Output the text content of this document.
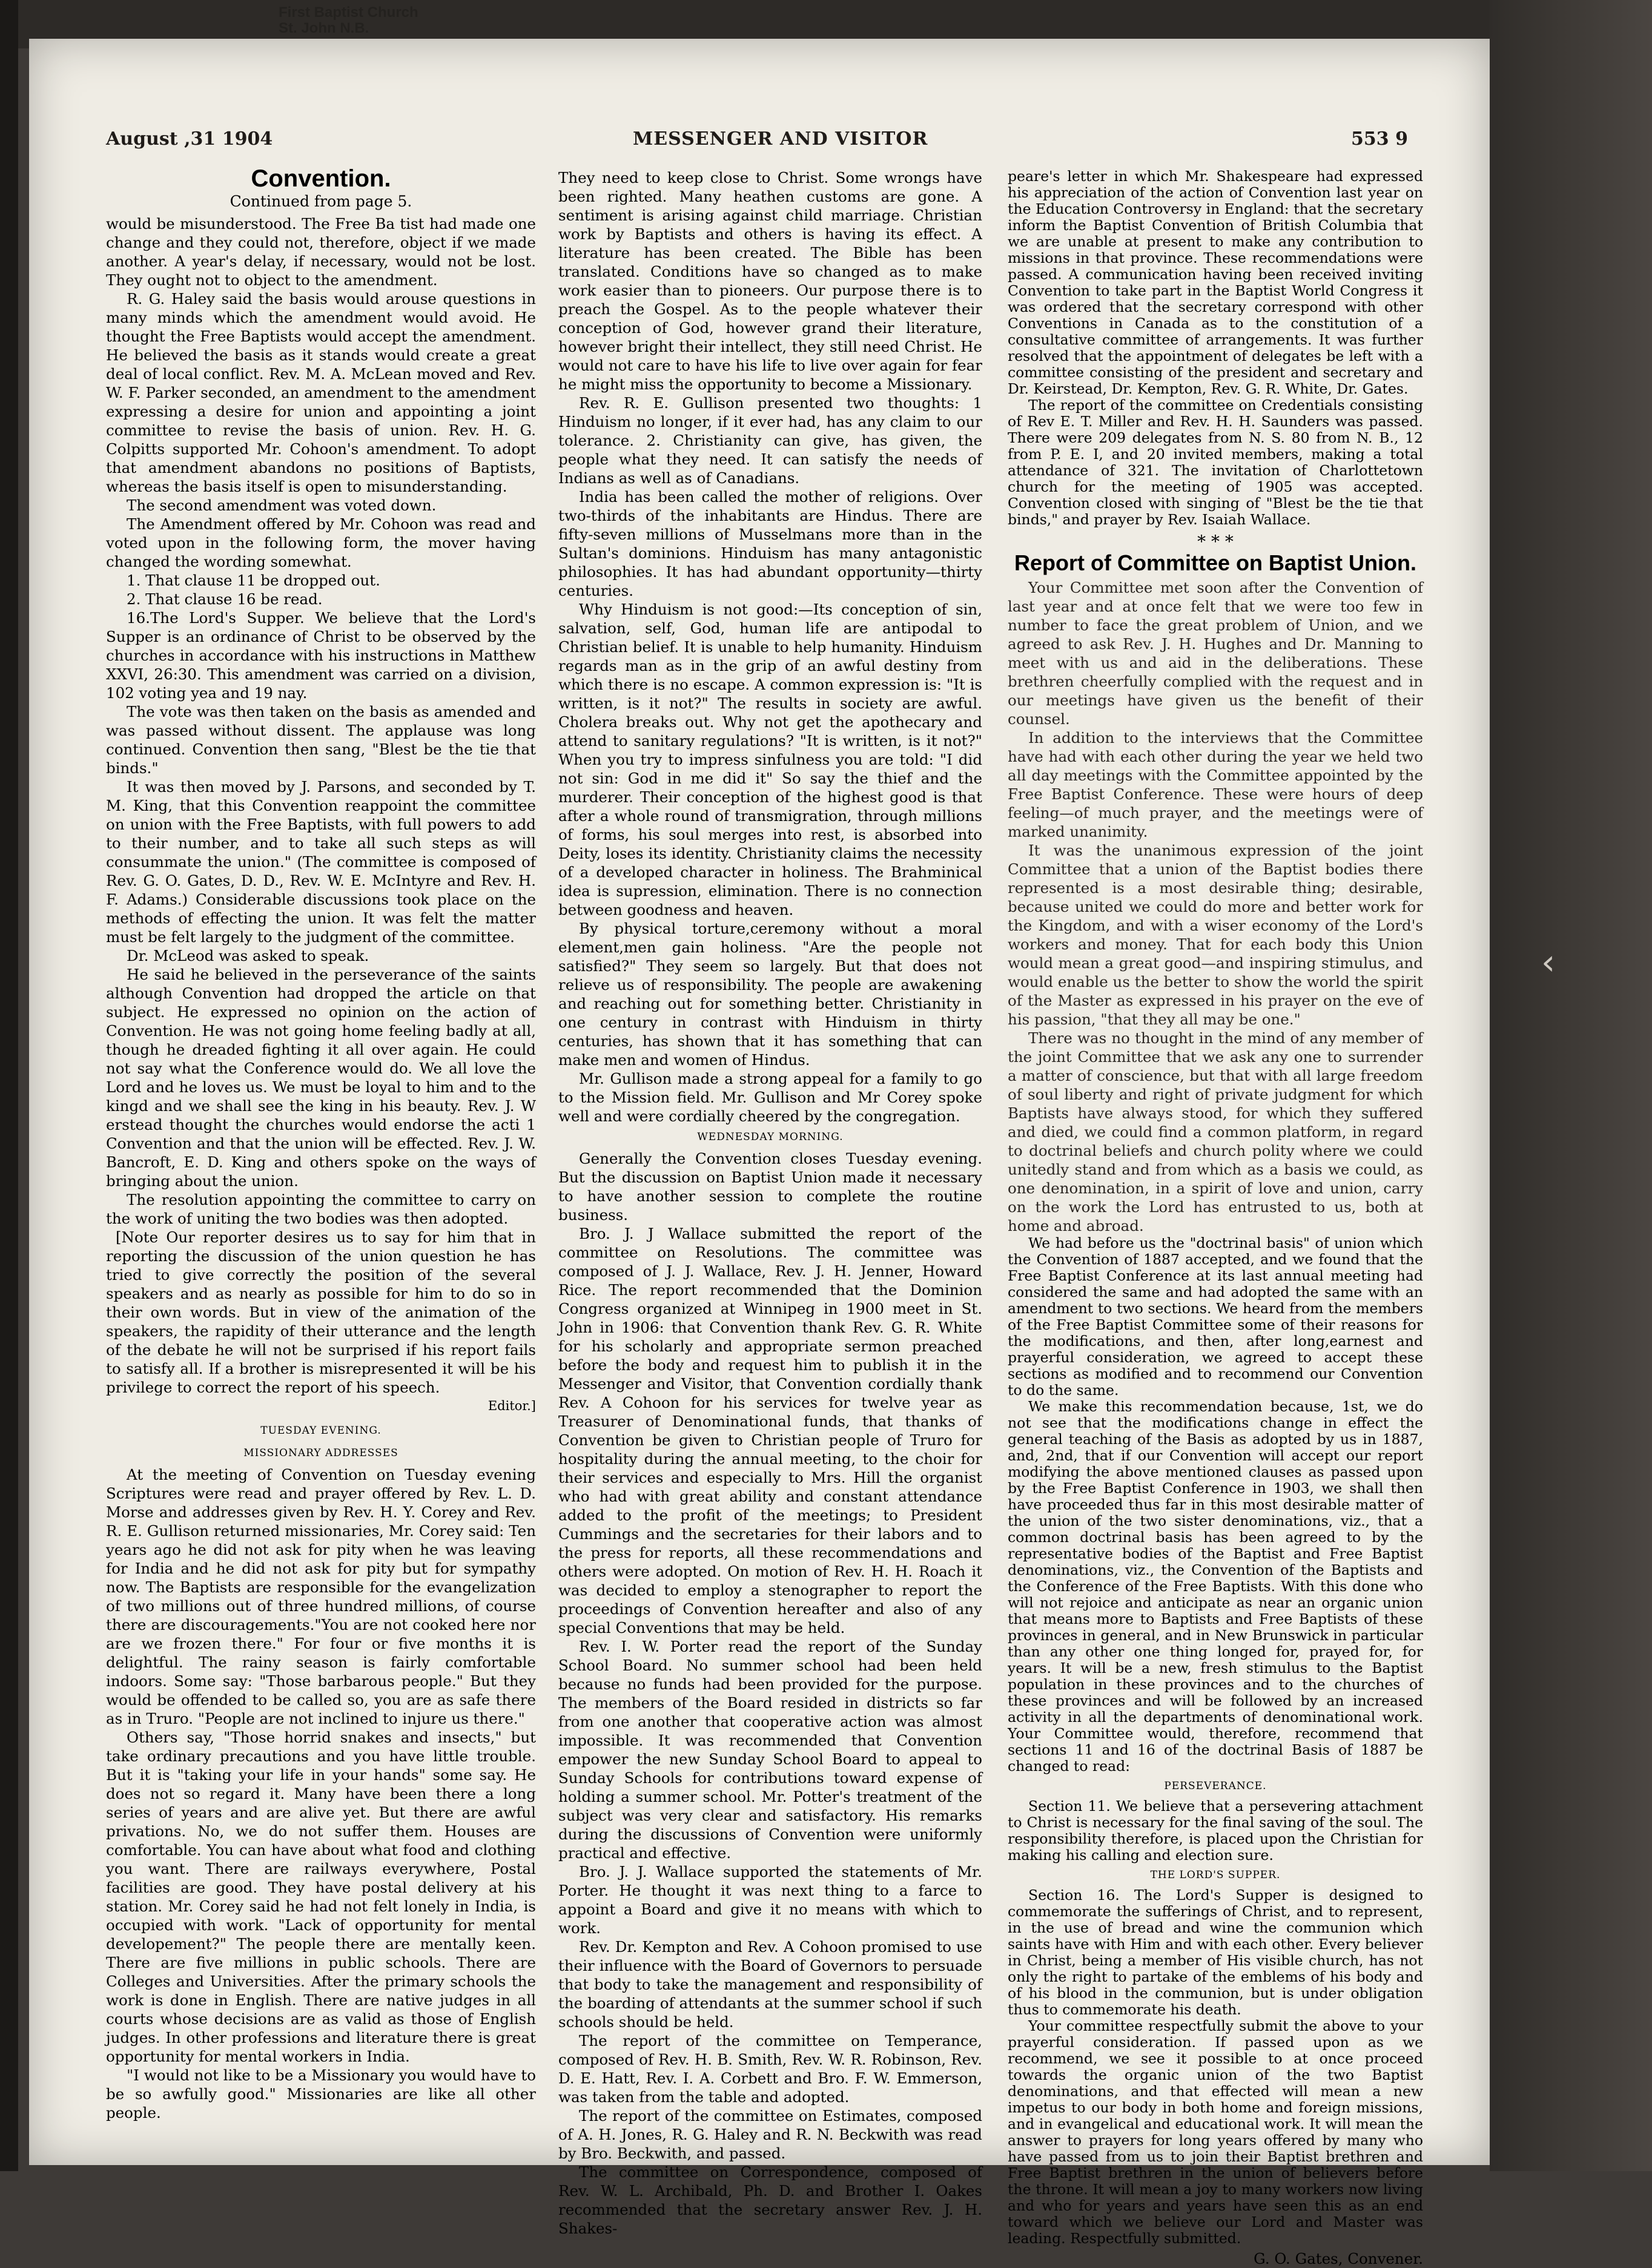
First Baptist Church
St. John N.B.
‹
August ,31 1904	MESSENGER AND VISITOR	553 9
Convention.
Continued from page 5.

would be misunderstood. The Free Ba tist had made one change and they could not, therefore, object if we made another. A year's delay, if necessary, would not be lost. They ought not to object to the amendment.

R. G. Haley said the basis would arouse questions in many minds which the amendment would avoid. He thought the Free Baptists would accept the amendment. He believed the basis as it stands would create a great deal of local conflict. Rev. M. A. McLean moved and Rev. W. F. Parker seconded, an amendment to the amendment expressing a desire for union and appointing a joint committee to revise the basis of union. Rev. H. G. Colpitts supported Mr. Cohoon's amendment. To adopt that amendment abandons no positions of Baptists, whereas the basis itself is open to misunderstanding.

The second amendment was voted down.

The Amendment offered by Mr. Cohoon was read and voted upon in the following form, the mover having changed the wording somewhat.

1. That clause 11 be dropped out.

2. That clause 16 be read.

16.The Lord's Supper. We believe that the Lord's Supper is an ordinance of Christ to be observed by the churches in accordance with his instructions in Matthew XXVI, 26:30. This amendment was carried on a division, 102 voting yea and 19 nay.

The vote was then taken on the basis as amended and was passed without dissent. The applause was long continued. Convention then sang, "Blest be the tie that binds."

It was then moved by J. Parsons, and seconded by T. M. King, that this Convention reappoint the committee on union with the Free Baptists, with full powers to add to their number, and to take all such steps as will consummate the union." (The committee is composed of Rev. G. O. Gates, D. D., Rev. W. E. McIntyre and Rev. H. F. Adams.) Considerable discussions took place on the methods of effecting the union. It was felt the matter must be felt largely to the judgment of the committee.

Dr. McLeod was asked to speak.

He said he believed in the perseverance of the saints although Convention had dropped the article on that subject. He expressed no opinion on the action of Convention. He was not going home feeling badly at all, though he dreaded fighting it all over again. He could not say what the Conference would do. We all love the Lord and he loves us. We must be loyal to him and to the kingd and we shall see the king in his beauty. Rev. J. W erstead thought the churches would endorse the acti 1 Convention and that the union will be effected. Rev. J. W. Bancroft, E. D. King and others spoke on the ways of bringing about the union.

The resolution appointing the committee to carry on the work of uniting the two bodies was then adopted.

[Note Our reporter desires us to say for him that in reporting the discussion of the union question he has tried to give correctly the position of the several speakers and as nearly as possible for him to do so in their own words. But in view of the animation of the speakers, the rapidity of their utterance and the length of the debate he will not be surprised if his report fails to satisfy all. If a brother is misrepresented it will be his privilege to correct the report of his speech.

Editor.]
TUESDAY EVENING.
MISSIONARY ADDRESSES

At the meeting of Convention on Tuesday evening Scriptures were read and prayer offered by Rev. L. D. Morse and addresses given by Rev. H. Y. Corey and Rev. R. E. Gullison returned missionaries, Mr. Corey said: Ten years ago he did not ask for pity when he was leaving for India and he did not ask for pity but for sympathy now. The Baptists are responsible for the evangelization of two millions out of three hundred millions, of course there are discouragements."You are not cooked here nor are we frozen there." For four or five months it is delightful. The rainy season is fairly comfortable indoors. Some say: "Those barbarous people." But they would be offended to be called so, you are as safe there as in Truro. "People are not inclined to injure us there."

Others say, "Those horrid snakes and insects," but take ordinary precautions and you have little trouble. But it is "taking your life in your hands" some say. He does not so regard it. Many have been there a long series of years and are alive yet. But there are awful privations. No, we do not suffer them. Houses are comfortable. You can have about what food and clothing you want. There are railways everywhere, Postal facilities are good. They have postal delivery at his station. Mr. Corey said he had not felt lonely in India, is occupied with work. "Lack of opportunity for mental developement?" The people there are mentally keen. There are five millions in public schools. There are Colleges and Universities. After the primary schools the work is done in English. There are native judges in all courts whose decisions are as valid as those of English judges. In other professions and literature there is great opportunity for mental workers in India.

"I would not like to be a Missionary you would have to be so awfully good." Missionaries are like all other people.

They need to keep close to Christ. Some wrongs have been righted. Many heathen customs are gone. A sentiment is arising against child marriage. Christian work by Baptists and others is having its effect. A literature has been created. The Bible has been translated. Conditions have so changed as to make work easier than to pioneers. Our purpose there is to preach the Gospel. As to the people whatever their conception of God, however grand their literature, however bright their intellect, they still need Christ. He would not care to have his life to live over again for fear he might miss the opportunity to become a Missionary.

Rev. R. E. Gullison presented two thoughts: 1 Hinduism no longer, if it ever had, has any claim to our tolerance. 2. Christianity can give, has given, the people what they need. It can satisfy the needs of Indians as well as of Canadians.

India has been called the mother of religions. Over two-thirds of the inhabitants are Hindus. There are fifty-seven millions of Musselmans more than in the Sultan's dominions. Hinduism has many antagonistic philosophies. It has had abundant opportunity—thirty centuries.

Why Hinduism is not good:—Its conception of sin, salvation, self, God, human life are antipodal to Christian belief. It is unable to help humanity. Hinduism regards man as in the grip of an awful destiny from which there is no escape. A common expression is: "It is written, is it not?" The results in society are awful. Cholera breaks out. Why not get the apothecary and attend to sanitary regulations? "It is written, is it not?" When you try to impress sinfulness you are told: "I did not sin: God in me did it" So say the thief and the murderer. Their conception of the highest good is that after a whole round of transmigration, through millions of forms, his soul merges into rest, is absorbed into Deity, loses its identity. Christianity claims the necessity of a developed character in holiness. The Brahminical idea is supression, elimination. There is no connection between goodness and heaven.

By physical torture,ceremony without a moral element,men gain holiness. "Are the people not satisfied?" They seem so largely. But that does not relieve us of responsibility. The people are awakening and reaching out for something better. Christianity in one century in contrast with Hinduism in thirty centuries, has shown that it has something that can make men and women of Hindus.

Mr. Gullison made a strong appeal for a family to go to the Mission field. Mr. Gullison and Mr Corey spoke well and were cordially cheered by the congregation.

WEDNESDAY MORNING.

Generally the Convention closes Tuesday evening. But the discussion on Baptist Union made it necessary to have another session to complete the routine business.

Bro. J. J Wallace submitted the report of the committee on Resolutions. The committee was composed of J. J. Wallace, Rev. J. H. Jenner, Howard Rice. The report recommended that the Dominion Congress organized at Winnipeg in 1900 meet in St. John in 1906: that Convention thank Rev. G. R. White for his scholarly and appropriate sermon preached before the body and request him to publish it in the Messenger and Visitor, that Convention cordially thank Rev. A Cohoon for his services for twelve year as Treasurer of Denominational funds, that thanks of Convention be given to Christian people of Truro for hospitality during the annual meeting, to the choir for their services and especially to Mrs. Hill the organist who had with great ability and constant attendance added to the profit of the meetings; to President Cummings and the secretaries for their labors and to the press for reports, all these recommendations and others were adopted. On motion of Rev. H. H. Roach it was decided to employ a stenographer to report the proceedings of Convention hereafter and also of any special Conventions that may be held.

Rev. I. W. Porter read the report of the Sunday School Board. No summer school had been held because no funds had been provided for the purpose. The members of the Board resided in districts so far from one another that cooperative action was almost impossible. It was recommended that Convention empower the new Sunday School Board to appeal to Sunday Schools for contributions toward expense of holding a summer school. Mr. Potter's treatment of the subject was very clear and satisfactory. His remarks during the discussions of Convention were uniformly practical and effective.

Bro. J. J. Wallace supported the statements of Mr. Porter. He thought it was next thing to a farce to appoint a Board and give it no means with which to work.

Rev. Dr. Kempton and Rev. A Cohoon promised to use their influence with the Board of Governors to persuade that body to take the management and responsibility of the boarding of attendants at the summer school if such schools should be held.

The report of the committee on Temperance, composed of Rev. H. B. Smith, Rev. W. R. Robinson, Rev. D. E. Hatt, Rev. I. A. Corbett and Bro. F. W. Emmerson, was taken from the table and adopted.

The report of the committee on Estimates, composed of A. H. Jones, R. G. Haley and R. N. Beckwith was read by Bro. Beckwith, and passed.

The committee on Correspondence, composed of Rev. W. L. Archibald, Ph. D. and Brother I. Oakes recommended that the secretary answer Rev. J. H. Shakes-

peare's letter in which Mr. Shakespeare had expressed his appreciation of the action of Convention last year on the Education Controversy in England: that the secretary inform the Baptist Convention of British Columbia that we are unable at present to make any contribution to missions in that province. These recommendations were passed. A communication having been received inviting Convention to take part in the Baptist World Congress it was ordered that the secretary correspond with other Conventions in Canada as to the constitution of a consultative committee of arrangements. It was further resolved that the appointment of delegates be left with a committee consisting of the president and secretary and Dr. Keirstead, Dr. Kempton, Rev. G. R. White, Dr. Gates.

The report of the committee on Credentials consisting of Rev E. T. Miller and Rev. H. H. Saunders was passed. There were 209 delegates from N. S. 80 from N. B., 12 from P. E. I, and 20 invited members, making a total attendance of 321. The invitation of Charlottetown church for the meeting of 1905 was accepted. Convention closed with singing of "Blest be the tie that binds," and prayer by Rev. Isaiah Wallace.

* * *
Report of Committee on Baptist Union.

Your Committee met soon after the Convention of last year and at once felt that we were too few in number to face the great problem of Union, and we agreed to ask Rev. J. H. Hughes and Dr. Manning to meet with us and aid in the deliberations. These brethren cheerfully complied with the request and in our meetings have given us the benefit of their counsel.

In addition to the interviews that the Committee have had with each other during the year we held two all day meetings with the Committee appointed by the Free Baptist Conference. These were hours of deep feeling—of much prayer, and the meetings were of marked unanimity.

It was the unanimous expression of the joint Committee that a union of the Baptist bodies there represented is a most desirable thing; desirable, because united we could do more and better work for the Kingdom, and with a wiser economy of the Lord's workers and money. That for each body this Union would mean a great good—and inspiring stimulus, and would enable us the better to show the world the spirit of the Master as expressed in his prayer on the eve of his passion, "that they all may be one."

There was no thought in the mind of any member of the joint Committee that we ask any one to surrender a matter of conscience, but that with all large freedom of soul liberty and right of private judgment for which Baptists have always stood, for which they suffered and died, we could find a common platform, in regard to doctrinal beliefs and church polity where we could unitedly stand and from which as a basis we could, as one denomination, in a spirit of love and union, carry on the work the Lord has entrusted to us, both at home and abroad.

We had before us the "doctrinal basis" of union which the Convention of 1887 accepted, and we found that the Free Baptist Conference at its last annual meeting had considered the same and had adopted the same with an amendment to two sections. We heard from the members of the Free Baptist Committee some of their reasons for the modifications, and then, after long,earnest and prayerful consideration, we agreed to accept these sections as modified and to recommend our Convention to do the same.

We make this recommendation because, 1st, we do not see that the modifications change in effect the general teaching of the Basis as adopted by us in 1887, and, 2nd, that if our Convention will accept our report modifying the above mentioned clauses as passed upon by the Free Baptist Conference in 1903, we shall then have proceeded thus far in this most desirable matter of the union of the two sister denominations, viz., that a common doctrinal basis has been agreed to by the representative bodies of the Baptist and Free Baptist denominations, viz., the Convention of the Baptists and the Conference of the Free Baptists. With this done who will not rejoice and anticipate as near an organic union that means more to Baptists and Free Baptists of these provinces in general, and in New Brunswick in particular than any other one thing longed for, prayed for, for years. It will be a new, fresh stimulus to the Baptist population in these provinces and to the churches of these provinces and will be followed by an increased activity in all the departments of denominational work. Your Committee would, therefore, recommend that sections 11 and 16 of the doctrinal Basis of 1887 be changed to read:

PERSEVERANCE.

Section 11. We believe that a persevering attachment to Christ is necessary for the final saving of the soul. The responsibility therefore, is placed upon the Christian for making his calling and election sure.

THE LORD'S SUPPER.

Section 16. The Lord's Supper is designed to commemorate the sufferings of Christ, and to represent, in the use of bread and wine the communion which saints have with Him and with each other. Every believer in Christ, being a member of His visible church, has not only the right to partake of the emblems of his body and of his blood in the communion, but is under obligation thus to commemorate his death.

Your committee respectfully submit the above to your prayerful consideration. If passed upon as we recommend, we see it possible to at once proceed towards the organic union of the two Baptist denominations, and that effected will mean a new impetus to our body in both home and foreign missions, and in evangelical and educational work. It will mean the answer to prayers for long years offered by many who have passed from us to join their Baptist brethren and Free Baptist brethren in the union of believers before the throne. It will mean a joy to many workers now living and who for years and years have seen this as an end toward which we believe our Lord and Master was leading. Respectfully submitted.

G. O. Gates, Convener.
